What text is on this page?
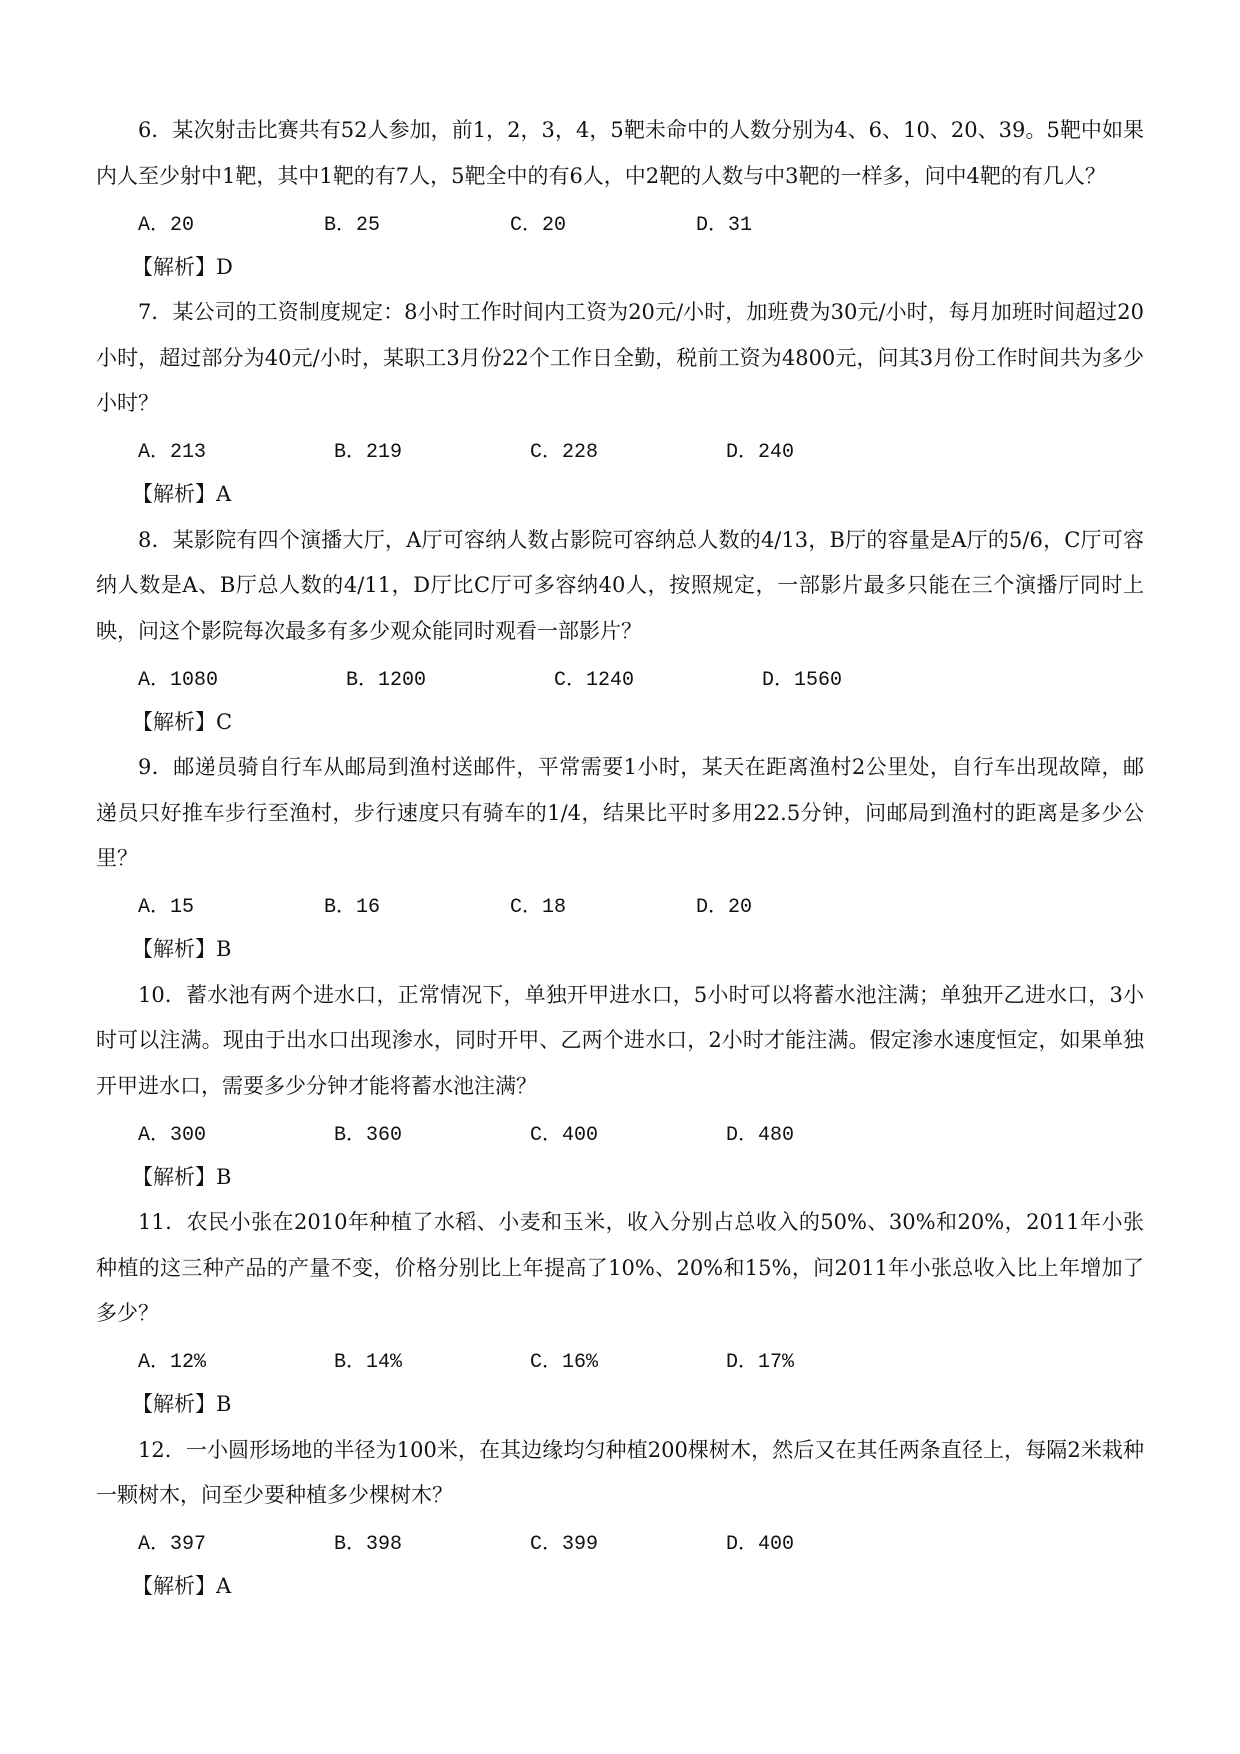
6．某次射击比赛共有52人参加，前1，2，3，4，5靶未命中的人数分别为4、6、10、20、39。5靶中如果内人至少射中1靶，其中1靶的有7人，5靶全中的有6人，中2靶的人数与中3靶的一样多，问中4靶的有几人？

A．20	B．25	C．20	D．31

【解析】D

7．某公司的工资制度规定：8小时工作时间内工资为20元/小时，加班费为30元/小时，每月加班时间超过20小时，超过部分为40元/小时，某职工3月份22个工作日全勤，税前工资为4800元，问其3月份工作时间共为多少小时？

A．213	B．219	C．228	D．240

【解析】A

8．某影院有四个演播大厅，A厅可容纳人数占影院可容纳总人数的4/13，B厅的容量是A厅的5/6，C厅可容纳人数是A、B厅总人数的4/11，D厅比C厅可多容纳40人，按照规定，一部影片最多只能在三个演播厅同时上映，问这个影院每次最多有多少观众能同时观看一部影片？

A．1080	B．1200	C．1240	D．1560

【解析】C

9．邮递员骑自行车从邮局到渔村送邮件，平常需要1小时，某天在距离渔村2公里处，自行车出现故障，邮递员只好推车步行至渔村，步行速度只有骑车的1/4，结果比平时多用22.5分钟，问邮局到渔村的距离是多少公里？

A．15	B．16	C．18	D．20

【解析】B

10．蓄水池有两个进水口，正常情况下，单独开甲进水口，5小时可以将蓄水池注满；单独开乙进水口，3小时可以注满。现由于出水口出现渗水，同时开甲、乙两个进水口，2小时才能注满。假定渗水速度恒定，如果单独开甲进水口，需要多少分钟才能将蓄水池注满？

A．300	B．360	C．400	D．480

【解析】B

11．农民小张在2010年种植了水稻、小麦和玉米，收入分别占总收入的50%、30%和20%，2011年小张种植的这三种产品的产量不变，价格分别比上年提高了10%、20%和15%，问2011年小张总收入比上年增加了多少？

A．12%	B．14%	C．16%	D．17%

【解析】B

12．一小圆形场地的半径为100米，在其边缘均匀种植200棵树木，然后又在其任两条直径上，每隔2米栽种一颗树木，问至少要种植多少棵树木？

A．397	B．398	C．399	D．400

【解析】A
